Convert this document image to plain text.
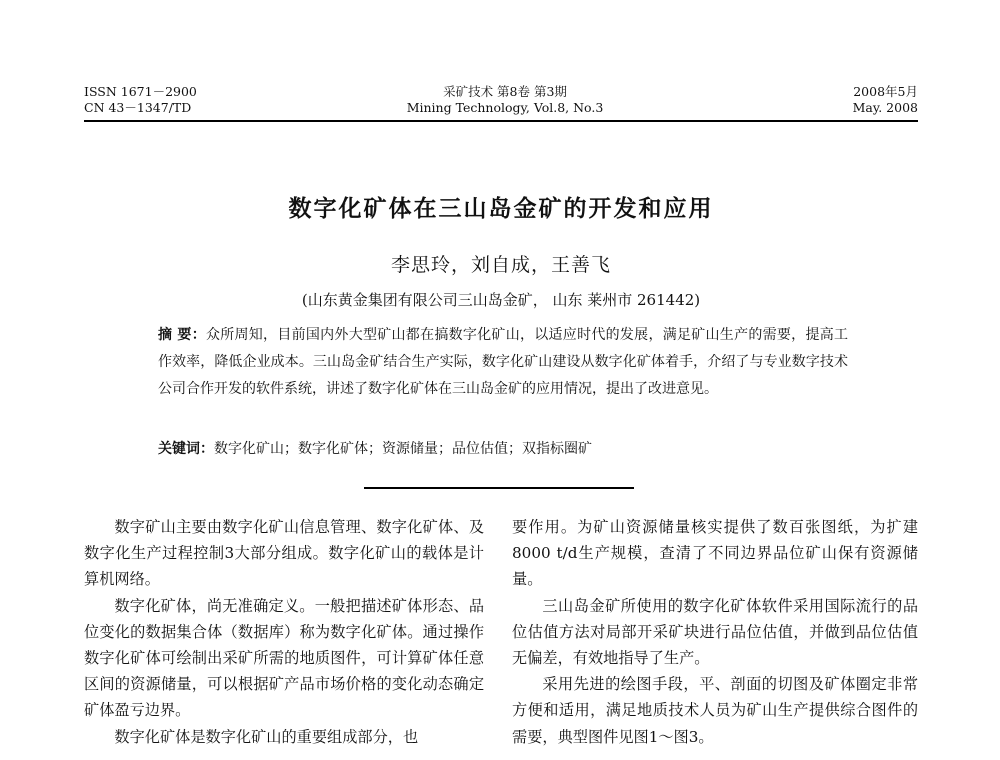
ISSN 1671－2900
CN 43－1347/TD
采矿技术 第8卷 第3期
Mining Technology, Vol.8, No.3
2008年5月
May. 2008
数字化矿体在三山岛金矿的开发和应用
李思玲，刘自成，王善飞
(山东黄金集团有限公司三山岛金矿， 山东 莱州市 261442)
摘 要：众所周知，目前国内外大型矿山都在搞数字化矿山，以适应时代的发展，满足矿山生产的需要，提高工作效率，降低企业成本。三山岛金矿结合生产实际，数字化矿山建设从数字化矿体着手，介绍了与专业数字技术公司合作开发的软件系统，讲述了数字化矿体在三山岛金矿的应用情况，提出了改进意见。
关键词：数字化矿山；数字化矿体；资源储量；品位估值；双指标圈矿

数字矿山主要由数字化矿山信息管理、数字化矿体、及数字化生产过程控制3大部分组成。数字化矿山的载体是计算机网络。

数字化矿体，尚无准确定义。一般把描述矿体形态、品位变化的数据集合体（数据库）称为数字化矿体。通过操作数字化矿体可绘制出采矿所需的地质图件，可计算矿体任意区间的资源储量，可以根据矿产品市场价格的变化动态确定矿体盈亏边界。

数字化矿体是数字化矿山的重要组成部分，也

要作用。为矿山资源储量核实提供了数百张图纸，为扩建8000 t/d生产规模，查清了不同边界品位矿山保有资源储量。

三山岛金矿所使用的数字化矿体软件采用国际流行的品位估值方法对局部开采矿块进行品位估值，并做到品位估值无偏差，有效地指导了生产。

采用先进的绘图手段，平、剖面的切图及矿体圈定非常方便和适用，满足地质技术人员为矿山生产提供综合图件的需要，典型图件见图1～图3。
